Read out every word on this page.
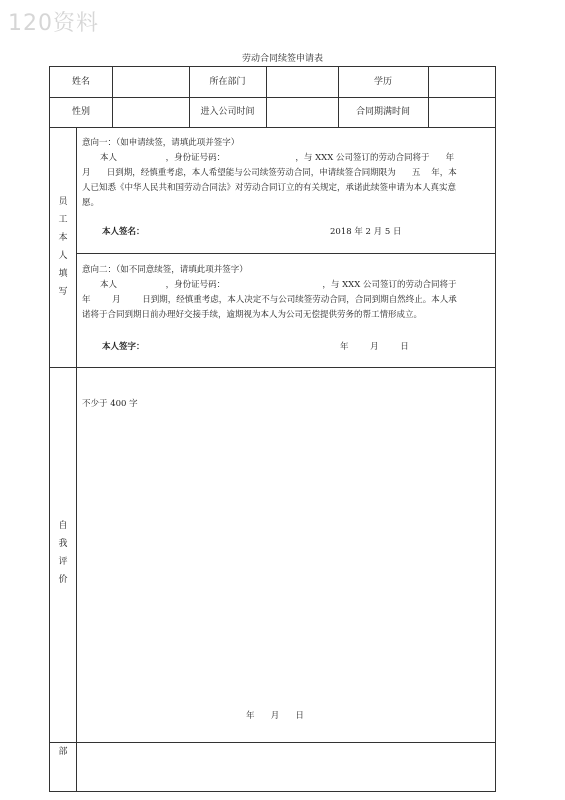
120资料
劳动合同续签申请表
姓名	所在部门	学历
性别	进入公司时间	合同期满时间
员
工
本
人
填
写
意向一：（如申请续签，请填此项并签字）
本人                  ，身份证号码：                          ，与 XXX 公司签订的劳动合同将于      年
月      日到期，经慎重考虑，本人希望能与公司续签劳动合同，申请续签合同期限为      五    年，本
人已知悉《中华人民共和国劳动合同法》对劳动合同订立的有关规定，承诺此续签申请为本人真实意
愿。
本人签名：	2018 年 2 月 5 日
意向二：（如不同意续签，请填此项并签字）
本人                  ，身份证号码：                                    ，与 XXX 公司签订的劳动合同将于
年        月        日到期，经慎重考虑，本人决定不与公司续签劳动合同，合同到期自然终止。本人承
诺将于合同到期日前办理好交接手续，逾期视为本人为公司无偿提供劳务的帮工情形成立。
本人签字：	年        月        日
自
我
评
价
不少于 400 字
年      月      日
部
